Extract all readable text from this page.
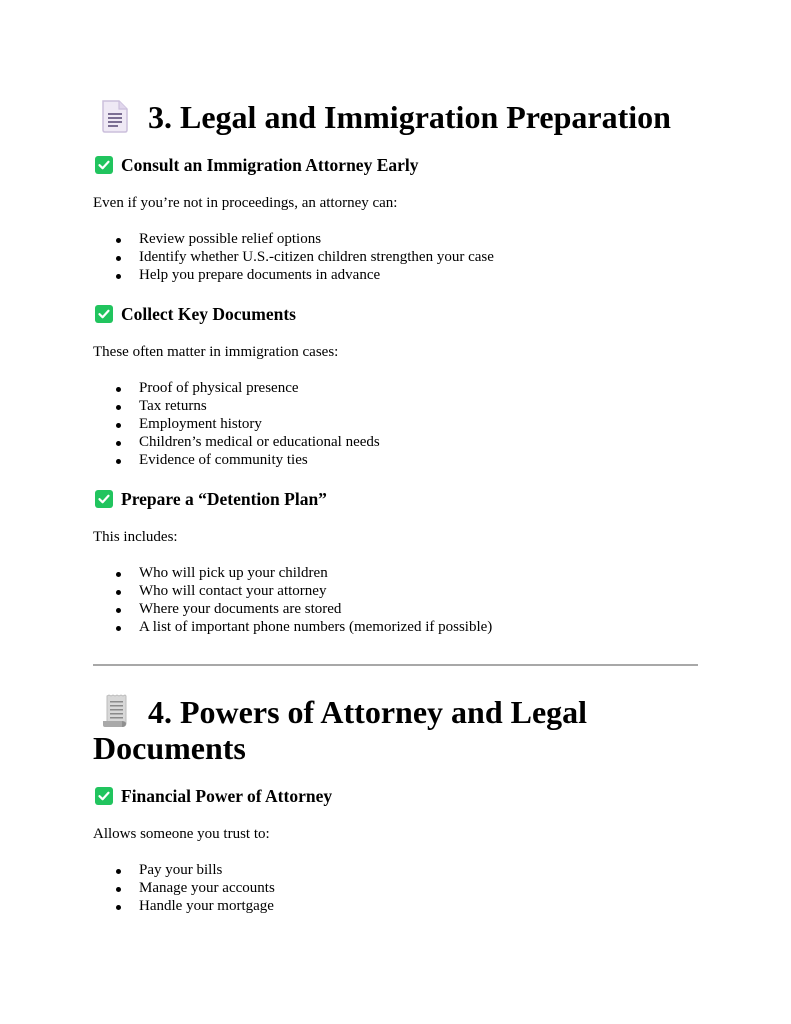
3. Legal and Immigration Preparation
Consult an Immigration Attorney Early

Even if you’re not in proceedings, an attorney can:

Review possible relief options
Identify whether U.S.-citizen children strengthen your case
Help you prepare documents in advance
Collect Key Documents

These often matter in immigration cases:

Proof of physical presence
Tax returns
Employment history
Children’s medical or educational needs
Evidence of community ties
Prepare a “Detention Plan”

This includes:

Who will pick up your children
Who will contact your attorney
Where your documents are stored
A list of important phone numbers (memorized if possible)
4. Powers of Attorney and Legal
Documents
Financial Power of Attorney

Allows someone you trust to:

Pay your bills
Manage your accounts
Handle your mortgage
